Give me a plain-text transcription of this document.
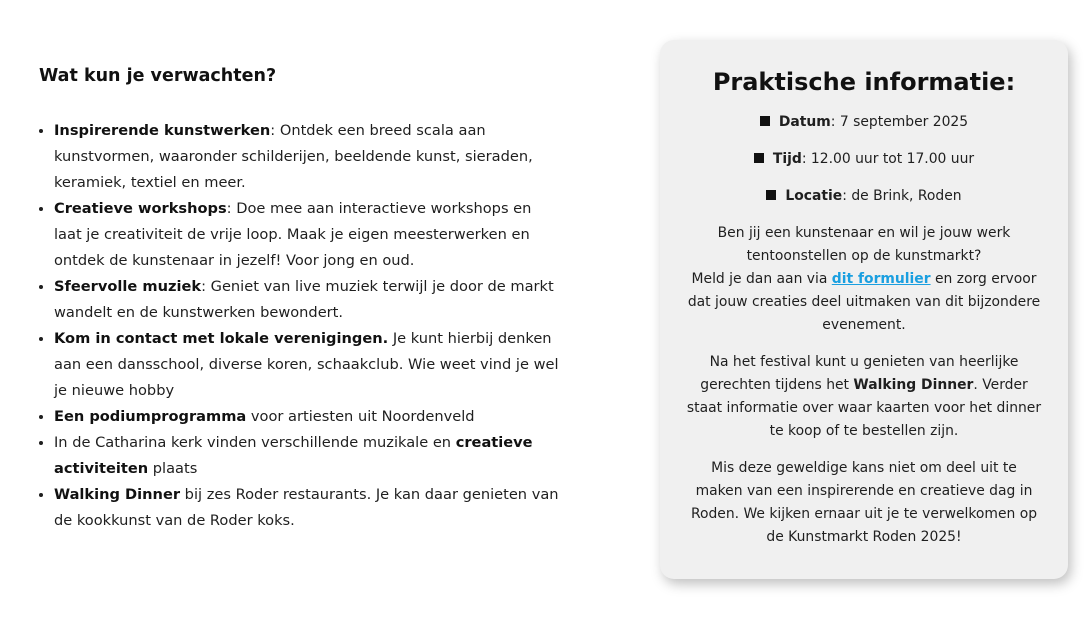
Wat kun je verwachten?
• Inspirerende kunstwerken: Ontdek een breed scala aan kunstvormen, waaronder schilderijen, beeldende kunst, sieraden, keramiek, textiel en meer.
• Creatieve workshops: Doe mee aan interactieve workshops en laat je creativiteit de vrije loop. Maak je eigen meesterwerken en ontdek de kunstenaar in jezelf! Voor jong en oud.
• Sfeervolle muziek: Geniet van live muziek terwijl je door de markt wandelt en de kunstwerken bewondert.
• Kom in contact met lokale verenigingen. Je kunt hierbij denken aan een dansschool, diverse koren, schaakclub. Wie weet vind je wel je nieuwe hobby
• Een podiumprogramma voor artiesten uit Noordenveld
• In de Catharina kerk vinden verschillende muzikale en creatieve activiteiten plaats
• Walking Dinner bij zes Roder restaurants. Je kan daar genieten van de kookkunst van de Roder koks.
Praktische informatie:
Datum: 7 september 2025
Tijd: 12.00 uur tot 17.00 uur
Locatie: de Brink, Roden

Ben jij een kunstenaar en wil je jouw werk tentoonstellen op de kunstmarkt?
Meld je dan aan via dit formulier en zorg ervoor dat jouw creaties deel uitmaken van dit bijzondere evenement.

Na het festival kunt u genieten van heerlijke gerechten tijdens het Walking Dinner. Verder staat informatie over waar kaarten voor het dinner te koop of te bestellen zijn.

Mis deze geweldige kans niet om deel uit te maken van een inspirerende en creatieve dag in Roden. We kijken ernaar uit je te verwelkomen op de Kunstmarkt Roden 2025!
